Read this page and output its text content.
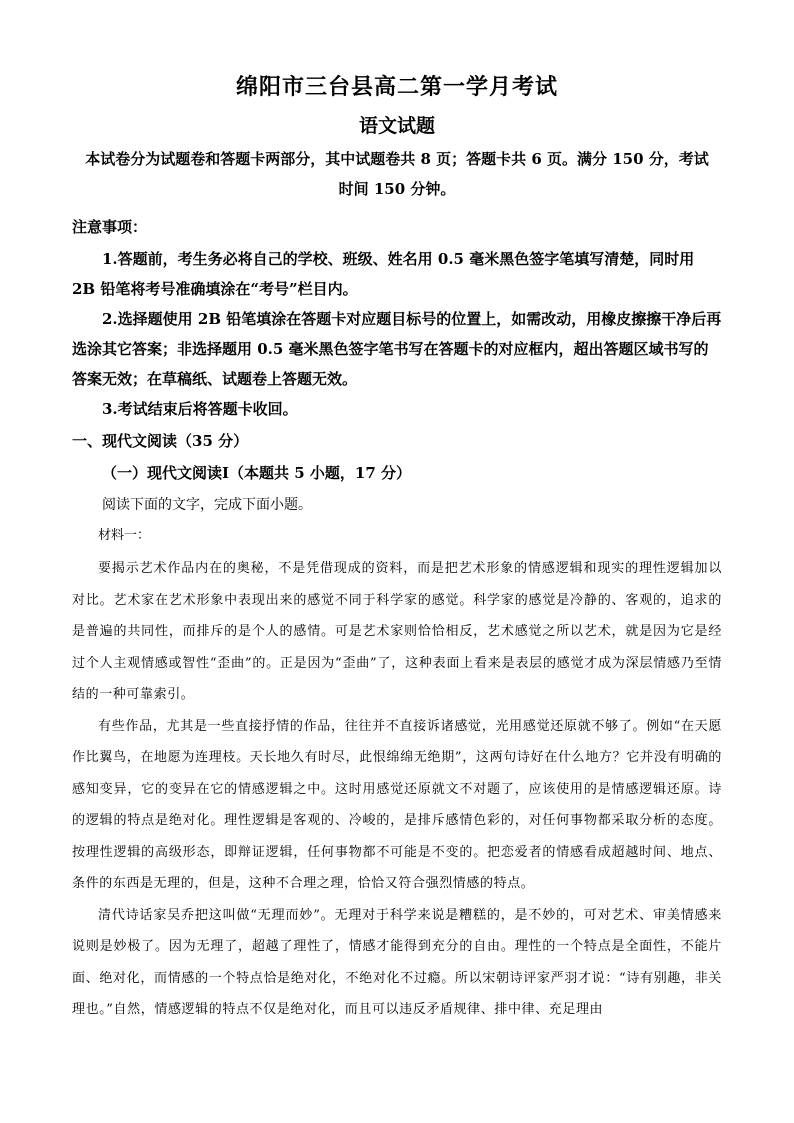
绵阳市三台县高二第一学月考试
语文试题

本试卷分为试题卷和答题卡两部分，其中试题卷共 8 页；答题卡共 6 页。满分 150 分，考试

时间 150 分钟。

注意事项：

1.答题前，考生务必将自己的学校、班级、姓名用 0.5 毫米黑色签字笔填写清楚，同时用 2B 铅笔将考号准确填涂在“考号”栏目内。

2.选择题使用 2B 铅笔填涂在答题卡对应题目标号的位置上，如需改动，用橡皮擦擦干净后再选涂其它答案；非选择题用 0.5 毫米黑色签字笔书写在答题卡的对应框内，超出答题区域书写的答案无效；在草稿纸、试题卷上答题无效。

3.考试结束后将答题卡收回。

一、现代文阅读（35 分）

（一）现代文阅读Ⅰ（本题共 5 小题，17 分）

阅读下面的文字，完成下面小题。

材料一：

要揭示艺术作品内在的奥秘，不是凭借现成的资料，而是把艺术形象的情感逻辑和现实的理性逻辑加以对比。艺术家在艺术形象中表现出来的感觉不同于科学家的感觉。科学家的感觉是冷静的、客观的，追求的是普遍的共同性，而排斥的是个人的感情。可是艺术家则恰恰相反，艺术感觉之所以艺术，就是因为它是经过个人主观情感或智性“歪曲”的。正是因为“歪曲”了，这种表面上看来是表层的感觉才成为深层情感乃至情结的一种可靠索引。

有些作品，尤其是一些直接抒情的作品，往往并不直接诉诸感觉，光用感觉还原就不够了。例如“在天愿作比翼鸟，在地愿为连理枝。天长地久有时尽，此恨绵绵无绝期”，这两句诗好在什么地方？它并没有明确的感知变异，它的变异在它的情感逻辑之中。这时用感觉还原就文不对题了，应该使用的是情感逻辑还原。诗的逻辑的特点是绝对化。理性逻辑是客观的、冷峻的，是排斥感情色彩的，对任何事物都采取分析的态度。按理性逻辑的高级形态，即辩证逻辑，任何事物都不可能是不变的。把恋爱者的情感看成超越时间、地点、条件的东西是无理的，但是，这种不合理之理，恰恰又符合强烈情感的特点。

清代诗话家吴乔把这叫做“无理而妙”。无理对于科学来说是糟糕的，是不妙的，可对艺术、审美情感来说则是妙极了。因为无理了，超越了理性了，情感才能得到充分的自由。理性的一个特点是全面性，不能片面、绝对化，而情感的一个特点恰是绝对化，不绝对化不过瘾。所以宋朝诗评家严羽才说：“诗有别趣，非关理也。”自然，情感逻辑的特点不仅是绝对化，而且可以违反矛盾规律、排中律、充足理由
